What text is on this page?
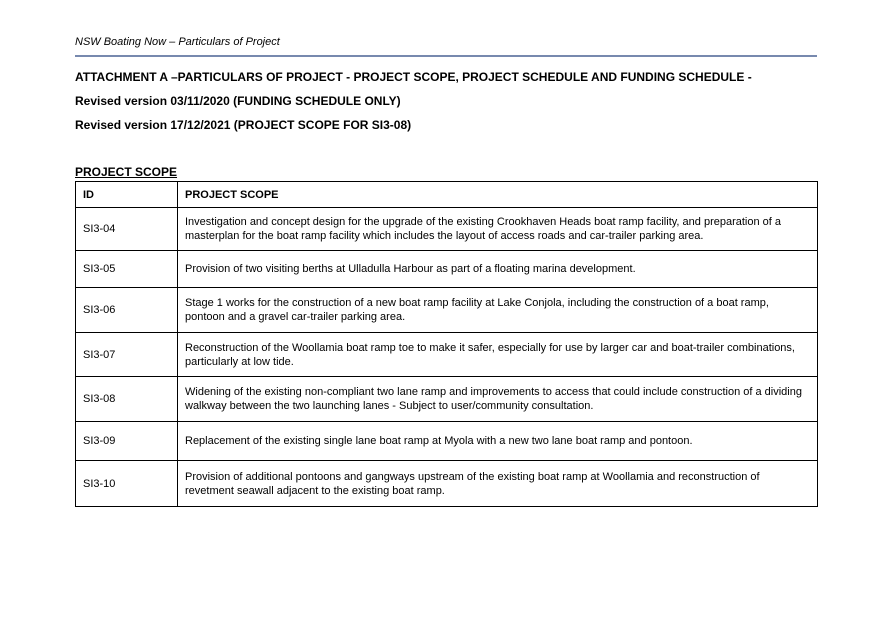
NSW Boating Now – Particulars of Project

ATTACHMENT A –PARTICULARS OF PROJECT - PROJECT SCOPE, PROJECT SCHEDULE AND FUNDING SCHEDULE -

Revised version 03/11/2020 (FUNDING SCHEDULE ONLY)

Revised version 17/12/2021 (PROJECT SCOPE FOR SI3-08)

PROJECT SCOPE

ID	PROJECT SCOPE
SI3-04	Investigation and concept design for the upgrade of the existing Crookhaven Heads boat ramp facility, and preparation of a masterplan for the boat ramp facility which includes the layout of access roads and car-trailer parking area.
SI3-05	Provision of two visiting berths at Ulladulla Harbour as part of a floating marina development.
SI3-06	Stage 1 works for the construction of a new boat ramp facility at Lake Conjola, including the construction of a boat ramp, pontoon and a gravel car-trailer parking area.
SI3-07	Reconstruction of the Woollamia boat ramp toe to make it safer, especially for use by larger car and boat-trailer combinations, particularly at low tide.
SI3-08	Widening of the existing non-compliant two lane ramp and improvements to access that could include construction of a dividing walkway between the two launching lanes - Subject to user/community consultation.
SI3-09	Replacement of the existing single lane boat ramp at Myola with a new two lane boat ramp and pontoon.
SI3-10	Provision of additional pontoons and gangways upstream of the existing boat ramp at Woollamia and reconstruction of revetment seawall adjacent to the existing boat ramp.
